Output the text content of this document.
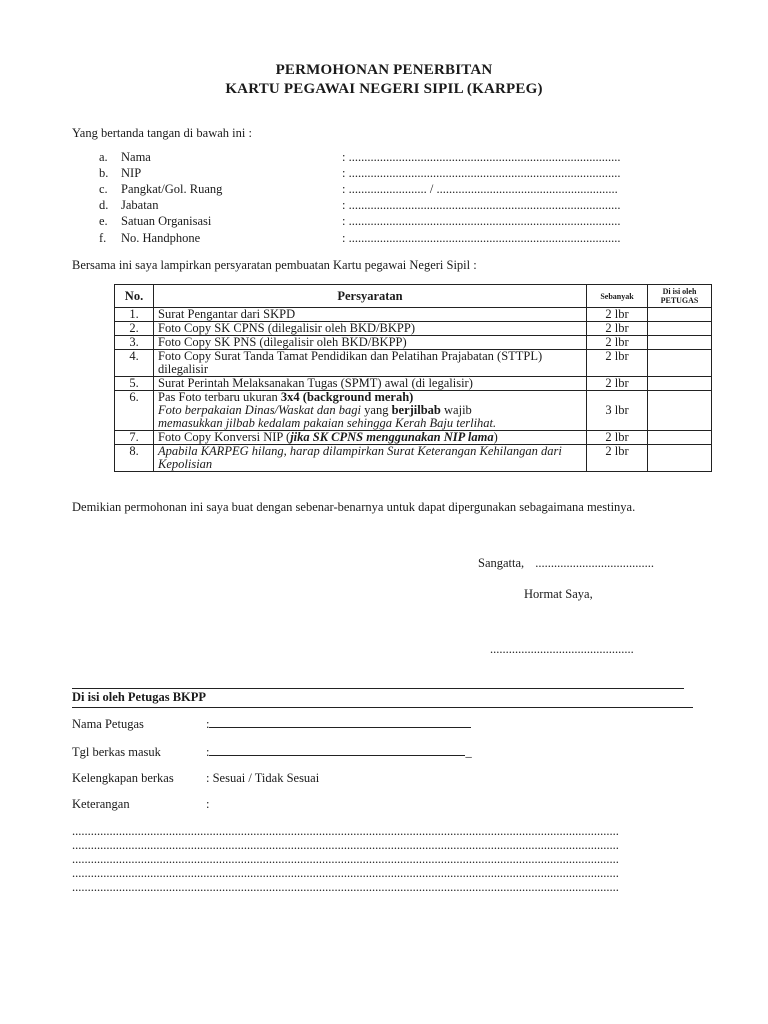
PERMOHONAN PENERBITAN
KARTU PEGAWAI NEGERI SIPIL (KARPEG)
Yang bertanda tangan di bawah ini :
a.	Nama	: .......................................................................................
b.	NIP	: .......................................................................................
c.	Pangkat/Gol. Ruang	: ......................... / ..........................................................
d.	Jabatan	: .......................................................................................
e.	Satuan Organisasi	: .......................................................................................
f.	No. Handphone	: .......................................................................................
Bersama ini saya lampirkan persyaratan pembuatan Kartu pegawai Negeri Sipil :
No.	Persyaratan	Sebanyak	Di isi oleh
PETUGAS
1.	Surat Pengantar dari SKPD	2 lbr	
2.	Foto Copy SK CPNS (dilegalisir oleh BKD/BKPP)	2 lbr	
3.	Foto Copy SK PNS (dilegalisir oleh BKD/BKPP)	2 lbr	
4.	Foto Copy Surat Tanda Tamat Pendidikan dan Pelatihan Prajabatan (STTPL) dilegalisir	2 lbr	
5.	Surat Perintah Melaksanakan Tugas (SPMT) awal (di legalisir)	2 lbr	
6.	Pas Foto terbaru ukuran 3x4 (background merah)
Foto berpakaian Dinas/Waskat dan bagi yang berjilbab wajib
memasukkan jilbab kedalam pakaian sehingga Kerah Baju terlihat.	3 lbr	
7.	Foto Copy Konversi NIP (jika SK CPNS menggunakan NIP lama)	2 lbr	
8.	Apabila KARPEG hilang, harap dilampirkan Surat Keterangan Kehilangan dari Kepolisian	2 lbr	
Demikian permohonan ini saya buat dengan sebenar-benarnya untuk dapat dipergunakan sebagaimana mestinya.
Sangatta, ......................................
Hormat Saya,
..............................................
Di isi oleh Petugas BKPP
Nama Petugas	:
Tgl berkas masuk	:	_
Kelengkapan berkas	: Sesuai / Tidak Sesuai
Keterangan	:
...............................................................................................................................................................................
...............................................................................................................................................................................
...............................................................................................................................................................................
...............................................................................................................................................................................
...............................................................................................................................................................................
